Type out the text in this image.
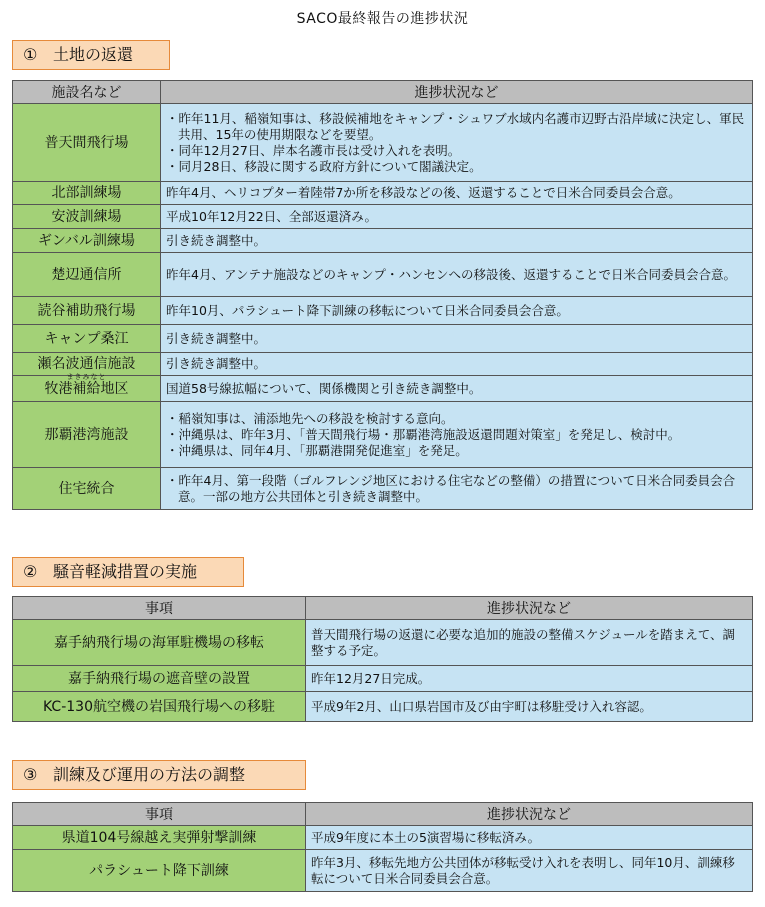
SACO最終報告の進捗状況
① 土地の返還
施設名など	進捗状況など
普天間飛行場	・昨年11月、稲嶺知事は、移設候補地をキャンプ・シュワブ水域内名護市辺野古沿岸域に決定し、軍民共用、15年の使用期限などを要望。
・同年12月27日、岸本名護市長は受け入れを表明。
・同月28日、移設に関する政府方針について閣議決定。

北部訓練場	昨年4月、ヘリコプター着陸帯7か所を移設などの後、返還することで日米合同委員会合意。
安波訓練場	平成10年12月22日、全部返還済み。
ギンバル訓練場	引き続き調整中。
楚辺通信所	昨年4月、アンテナ施設などのキャンプ・ハンセンへの移設後、返還することで日米合同委員会合意。
読谷補助飛行場	昨年10月、パラシュート降下訓練の移転について日米合同委員会合意。
キャンプ桑江	引き続き調整中。
瀬名波通信施設	引き続き調整中。

まきみなと
牧港補給地区	国道58号線拡幅について、関係機関と引き続き調整中。
那覇港湾施設	・稲嶺知事は、浦添地先への移設を検討する意向。
・沖縄県は、昨年3月、「普天間飛行場・那覇港湾施設返還問題対策室」を発足し、検討中。
・沖縄県は、同年4月、「那覇港開発促進室」を発足。

住宅統合	・昨年4月、第一段階（ゴルフレンジ地区における住宅などの整備）の措置について日米合同委員会合意。一部の地方公共団体と引き続き調整中。
② 騒音軽減措置の実施
事項	進捗状況など
嘉手納飛行場の海軍駐機場の移転	普天間飛行場の返還に必要な追加的施設の整備スケジュールを踏まえて、調整する予定。
嘉手納飛行場の遮音壁の設置	昨年12月27日完成。
KC-130航空機の岩国飛行場への移駐	平成9年2月、山口県岩国市及び由宇町は移駐受け入れ容認。
③ 訓練及び運用の方法の調整
事項	進捗状況など
県道104号線越え実弾射撃訓練	平成9年度に本土の5演習場に移転済み。
パラシュート降下訓練	昨年3月、移転先地方公共団体が移転受け入れを表明し、同年10月、訓練移転について日米合同委員会合意。
